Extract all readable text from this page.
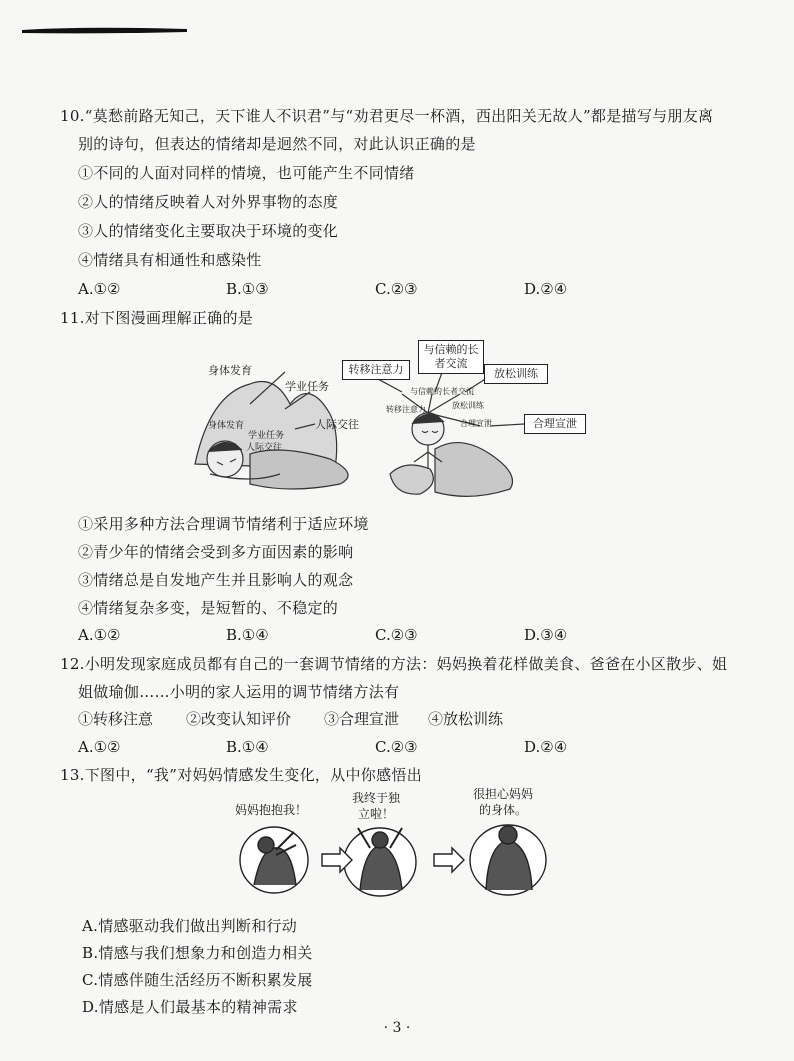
10.“莫愁前路无知己，天下谁人不识君”与“劝君更尽一杯酒，西出阳关无故人”都是描写与朋友离
别的诗句，但表达的情绪却是迥然不同，对此认识正确的是
①不同的人面对同样的情境，也可能产生不同情绪
②人的情绪反映着人对外界事物的态度
③人的情绪变化主要取决于环境的变化
④情绪具有相通性和感染性
A.①②	B.①③	C.②③	D.②④
11.对下图漫画理解正确的是
身体发育
学业任务
人际交往
身体发育
学业任务
人际交往
转移注意力
与信赖的长者交流
放松训练
合理宣泄
转移注意力
与信赖的长者交流
放松训练
合理宣泄
①采用多种方法合理调节情绪利于适应环境
②青少年的情绪会受到多方面因素的影响
③情绪总是自发地产生并且影响人的观念
④情绪复杂多变，是短暂的、不稳定的
A.①②	B.①④	C.②③	D.③④
12.小明发现家庭成员都有自己的一套调节情绪的方法：妈妈换着花样做美食、爸爸在小区散步、姐
姐做瑜伽……小明的家人运用的调节情绪方法有
①转移注意 ②改变认知评价 ③合理宣泄 ④放松训练
A.①②	B.①④	C.②③	D.②④
13.下图中，“我”对妈妈情感发生变化，从中你感悟出
妈妈抱抱我！
我终于独立啦！
很担心妈妈的身体。
A.情感驱动我们做出判断和行动
B.情感与我们想象力和创造力相关
C.情感伴随生活经历不断积累发展
D.情感是人们最基本的精神需求
· 3 ·
